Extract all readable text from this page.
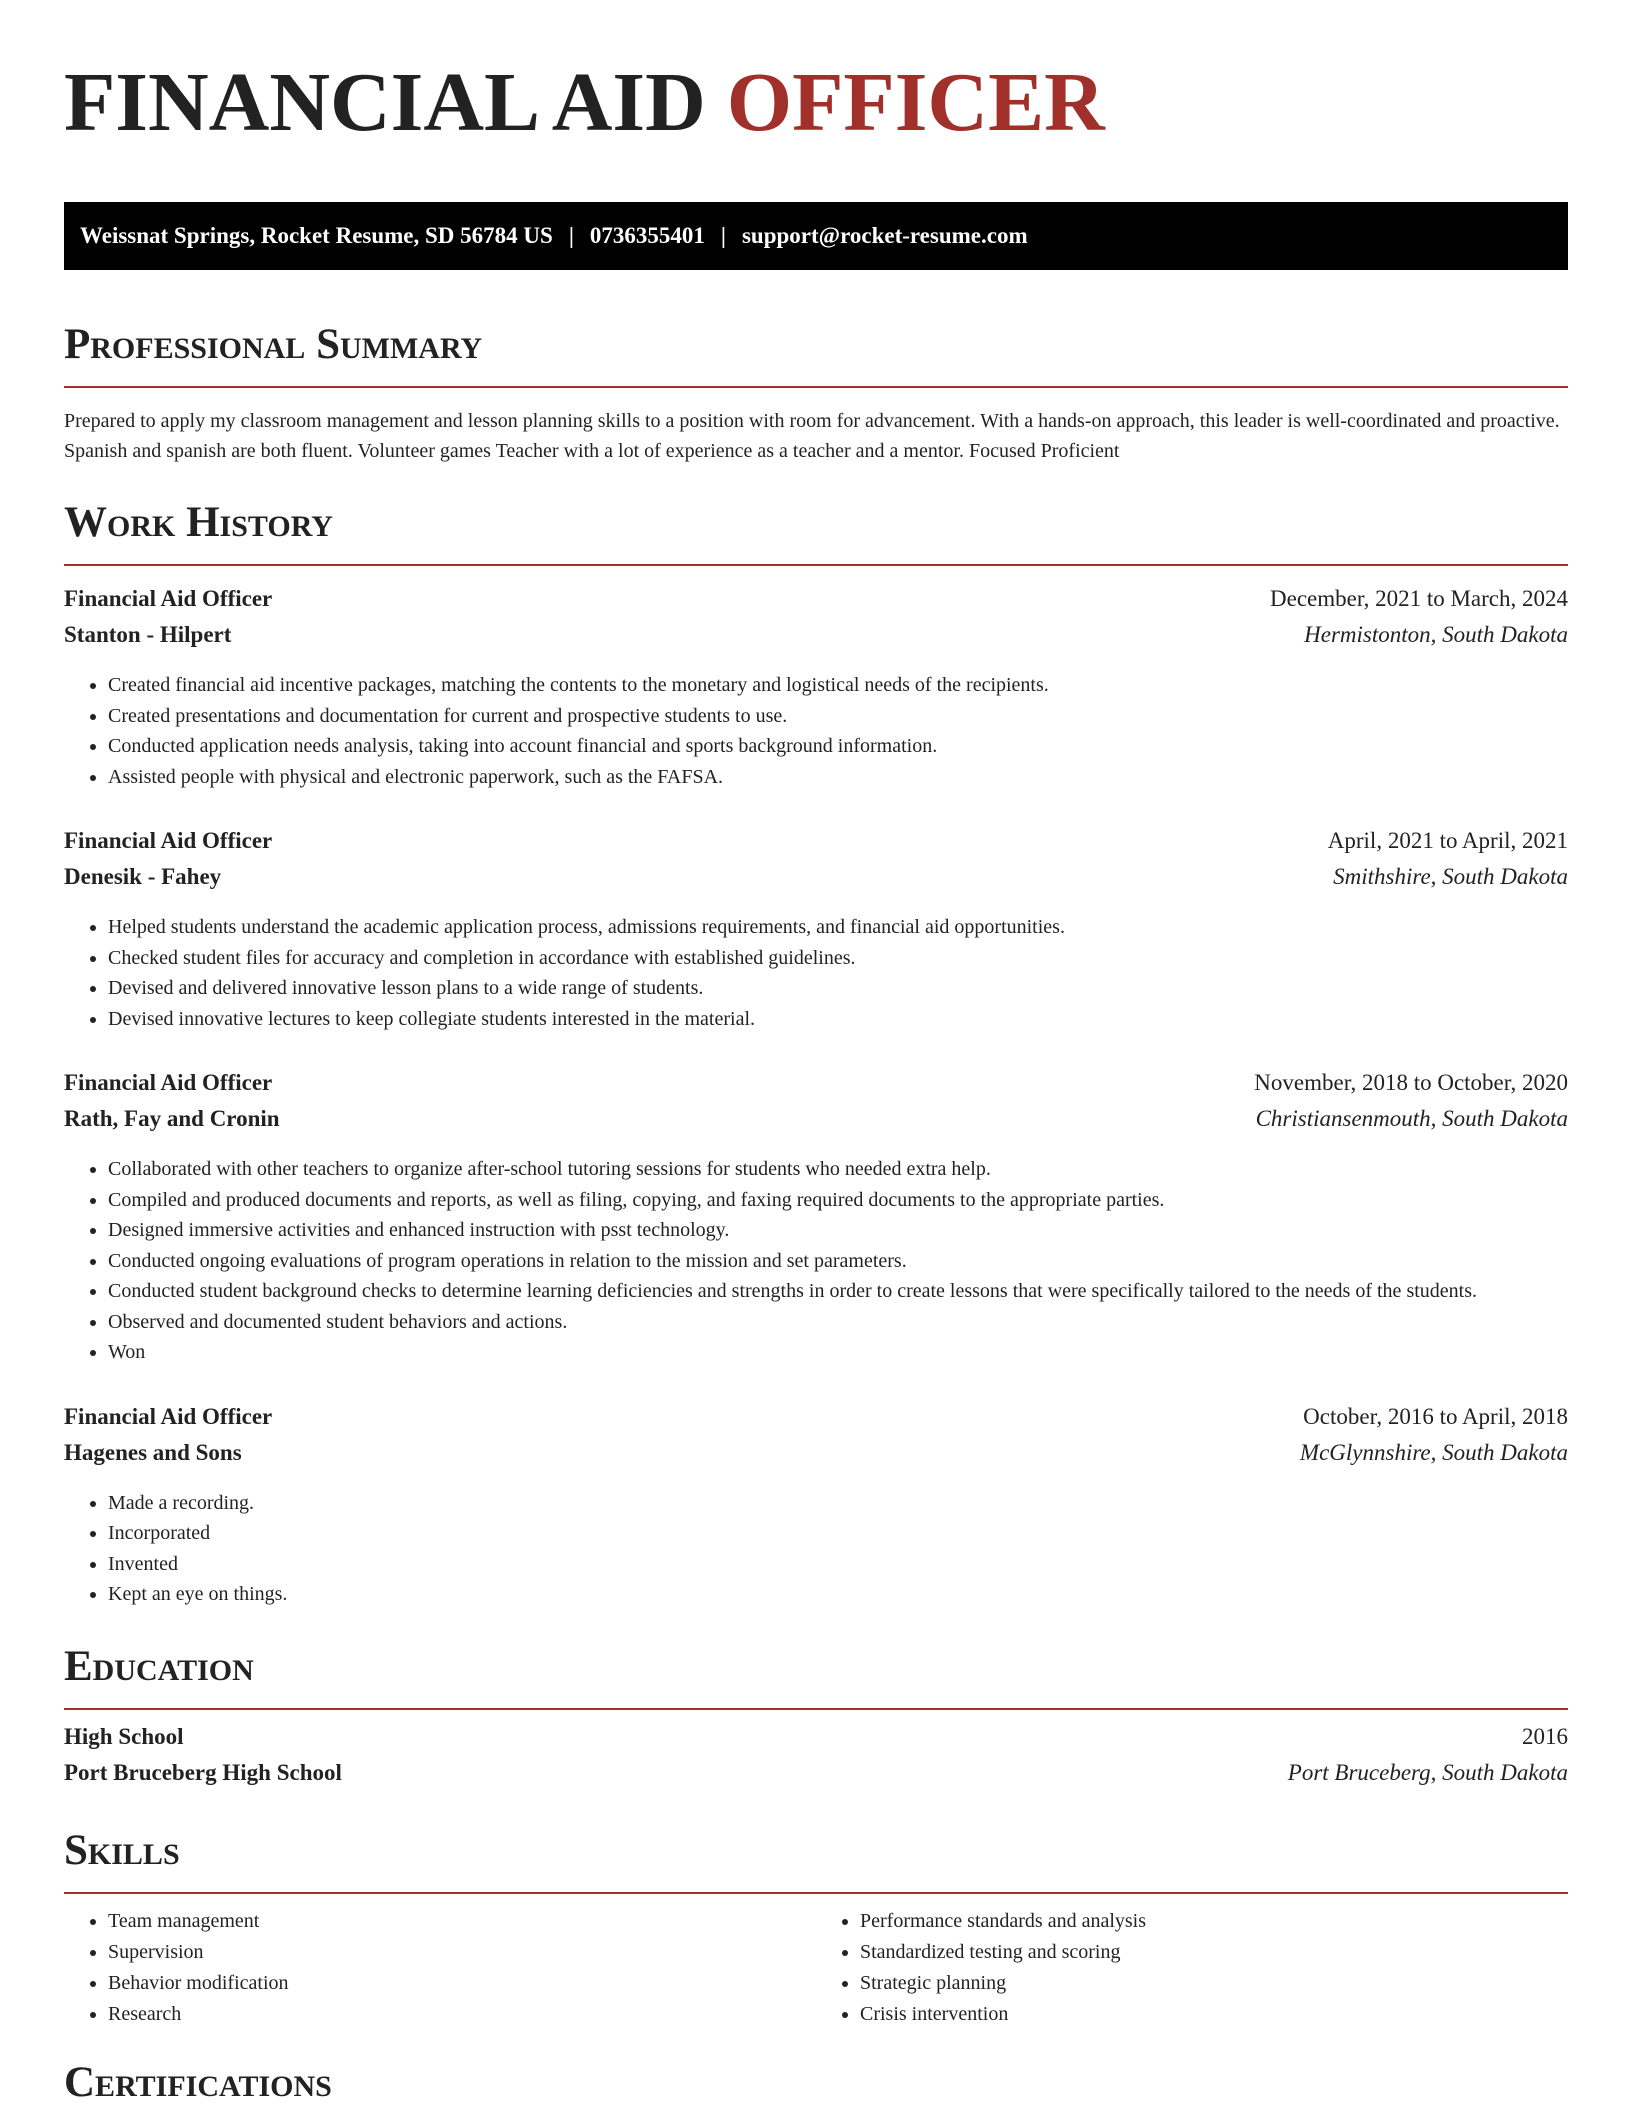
FINANCIAL AID OFFICER
Weissnat Springs, Rocket Resume, SD 56784 US | 0736355401 | support@rocket-resume.com
Professional Summary

Prepared to apply my classroom management and lesson planning skills to a position with room for advancement. With a hands-on approach, this leader is well-coordinated and proactive. Spanish and spanish are both fluent. Volunteer games Teacher with a lot of experience as a teacher and a mentor. Focused Proficient

Work History
Financial Aid Officer	December, 2021 to March, 2024
Stanton - Hilpert	Hermistonton, South Dakota
• Created financial aid incentive packages, matching the contents to the monetary and logistical needs of the recipients.
• Created presentations and documentation for current and prospective students to use.
• Conducted application needs analysis, taking into account financial and sports background information.
• Assisted people with physical and electronic paperwork, such as the FAFSA.
Financial Aid Officer	April, 2021 to April, 2021
Denesik - Fahey	Smithshire, South Dakota
• Helped students understand the academic application process, admissions requirements, and financial aid opportunities.
• Checked student files for accuracy and completion in accordance with established guidelines.
• Devised and delivered innovative lesson plans to a wide range of students.
• Devised innovative lectures to keep collegiate students interested in the material.
Financial Aid Officer	November, 2018 to October, 2020
Rath, Fay and Cronin	Christiansenmouth, South Dakota
• Collaborated with other teachers to organize after-school tutoring sessions for students who needed extra help.
• Compiled and produced documents and reports, as well as filing, copying, and faxing required documents to the appropriate parties.
• Designed immersive activities and enhanced instruction with psst technology.
• Conducted ongoing evaluations of program operations in relation to the mission and set parameters.
• Conducted student background checks to determine learning deficiencies and strengths in order to create lessons that were specifically tailored to the needs of the students.
• Observed and documented student behaviors and actions.
• Won
Financial Aid Officer	October, 2016 to April, 2018
Hagenes and Sons	McGlynnshire, South Dakota
• Made a recording.
• Incorporated
• Invented
• Kept an eye on things.
Education
High School	2016
Port Bruceberg High School	Port Bruceberg, South Dakota
Skills
• Team management
• Supervision
• Behavior modification
• Research
• Performance standards and analysis
• Standardized testing and scoring
• Strategic planning
• Crisis intervention
Certifications
